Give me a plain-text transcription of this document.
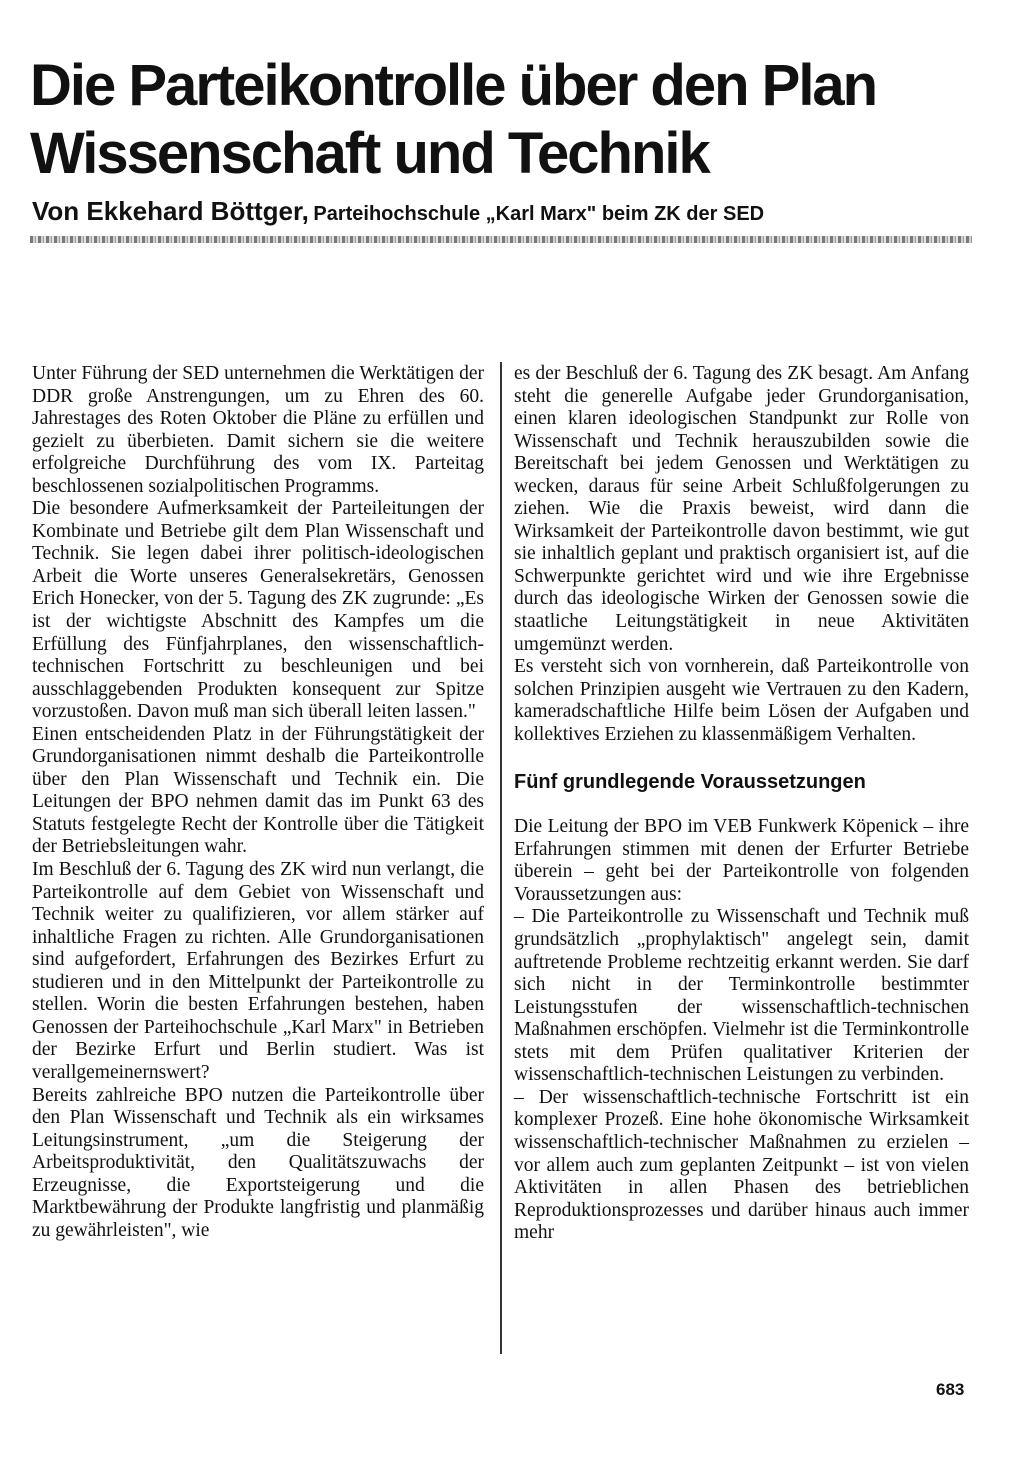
Die Parteikontrolle über den Plan Wissenschaft und Technik
Von Ekkehard Böttger, Parteihochschule „Karl Marx" beim ZK der SED

Unter Führung der SED unternehmen die Werktätigen der DDR große Anstrengungen, um zu Ehren des 60. Jahrestages des Roten Oktober die Pläne zu erfüllen und gezielt zu überbieten. Damit sichern sie die weitere erfolgreiche Durchführung des vom IX. Parteitag beschlossenen sozialpolitischen Programms.

Die besondere Aufmerksamkeit der Parteileitungen der Kombinate und Betriebe gilt dem Plan Wissenschaft und Technik. Sie legen dabei ihrer politisch-ideologischen Arbeit die Worte unseres Generalsekretärs, Genossen Erich Honecker, von der 5. Tagung des ZK zugrunde: „Es ist der wichtigste Abschnitt des Kampfes um die Erfüllung des Fünfjahrplanes, den wissenschaftlich-technischen Fortschritt zu beschleunigen und bei ausschlaggebenden Produkten konsequent zur Spitze vorzustoßen. Davon muß man sich überall leiten lassen."

Einen entscheidenden Platz in der Führungstätigkeit der Grundorganisationen nimmt deshalb die Parteikontrolle über den Plan Wissenschaft und Technik ein. Die Leitungen der BPO nehmen damit das im Punkt 63 des Statuts festgelegte Recht der Kontrolle über die Tätigkeit der Betriebsleitungen wahr.

Im Beschluß der 6. Tagung des ZK wird nun verlangt, die Parteikontrolle auf dem Gebiet von Wissenschaft und Technik weiter zu qualifizieren, vor allem stärker auf inhaltliche Fragen zu richten. Alle Grundorganisationen sind aufgefordert, Erfahrungen des Bezirkes Erfurt zu studieren und in den Mittelpunkt der Parteikontrolle zu stellen. Worin die besten Erfahrungen bestehen, haben Genossen der Parteihochschule „Karl Marx" in Betrieben der Bezirke Erfurt und Berlin studiert. Was ist verallgemeinernswert?

Bereits zahlreiche BPO nutzen die Parteikontrolle über den Plan Wissenschaft und Technik als ein wirksames Leitungsinstrument, „um die Steigerung der Arbeitsproduktivität, den Qualitätszuwachs der Erzeugnisse, die Exportsteigerung und die Marktbewährung der Produkte langfristig und planmäßig zu gewährleisten", wie

es der Beschluß der 6. Tagung des ZK besagt. Am Anfang steht die generelle Aufgabe jeder Grundorganisation, einen klaren ideologischen Standpunkt zur Rolle von Wissenschaft und Technik herauszubilden sowie die Bereitschaft bei jedem Genossen und Werktätigen zu wecken, daraus für seine Arbeit Schlußfolgerungen zu ziehen. Wie die Praxis beweist, wird dann die Wirksamkeit der Parteikontrolle davon bestimmt, wie gut sie inhaltlich geplant und praktisch organisiert ist, auf die Schwerpunkte gerichtet wird und wie ihre Ergebnisse durch das ideologische Wirken der Genossen sowie die staatliche Leitungstätigkeit in neue Aktivitäten umgemünzt werden.

Es versteht sich von vornherein, daß Parteikontrolle von solchen Prinzipien ausgeht wie Vertrauen zu den Kadern, kameradschaftliche Hilfe beim Lösen der Aufgaben und kollektives Erziehen zu klassenmäßigem Verhalten.

Fünf grundlegende Voraussetzungen

Die Leitung der BPO im VEB Funkwerk Köpenick – ihre Erfahrungen stimmen mit denen der Erfurter Betriebe überein – geht bei der Parteikontrolle von folgenden Voraussetzungen aus:

– Die Parteikontrolle zu Wissenschaft und Technik muß grundsätzlich „prophylaktisch" angelegt sein, damit auftretende Probleme rechtzeitig erkannt werden. Sie darf sich nicht in der Terminkontrolle bestimmter Leistungsstufen der wissenschaftlich-technischen Maßnahmen erschöpfen. Vielmehr ist die Terminkontrolle stets mit dem Prüfen qualitativer Kriterien der wissenschaftlich-technischen Leistungen zu verbinden.

– Der wissenschaftlich-technische Fortschritt ist ein komplexer Prozeß. Eine hohe ökonomische Wirksamkeit wissenschaftlich-technischer Maßnahmen zu erzielen – vor allem auch zum geplanten Zeitpunkt – ist von vielen Aktivitäten in allen Phasen des betrieblichen Reproduktionsprozesses und darüber hinaus auch immer mehr

683
